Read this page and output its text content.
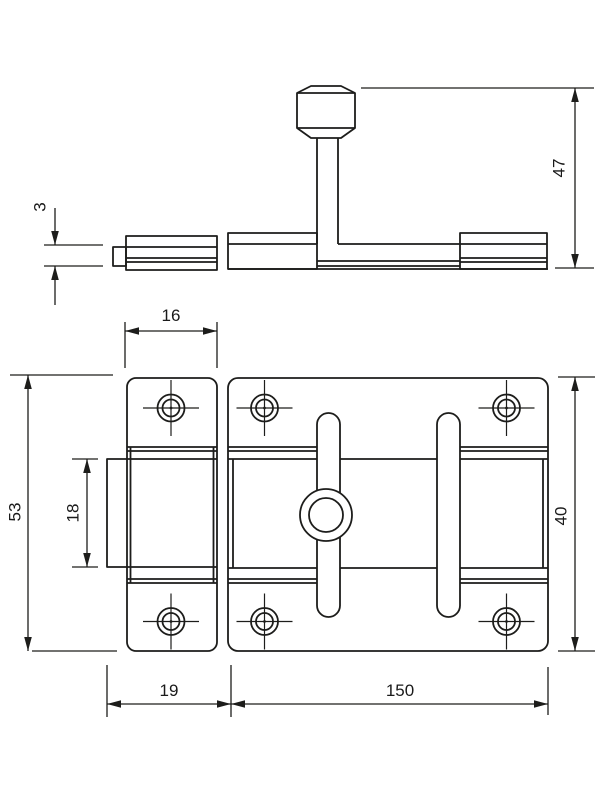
3
47
16
53 18	40
19	150
